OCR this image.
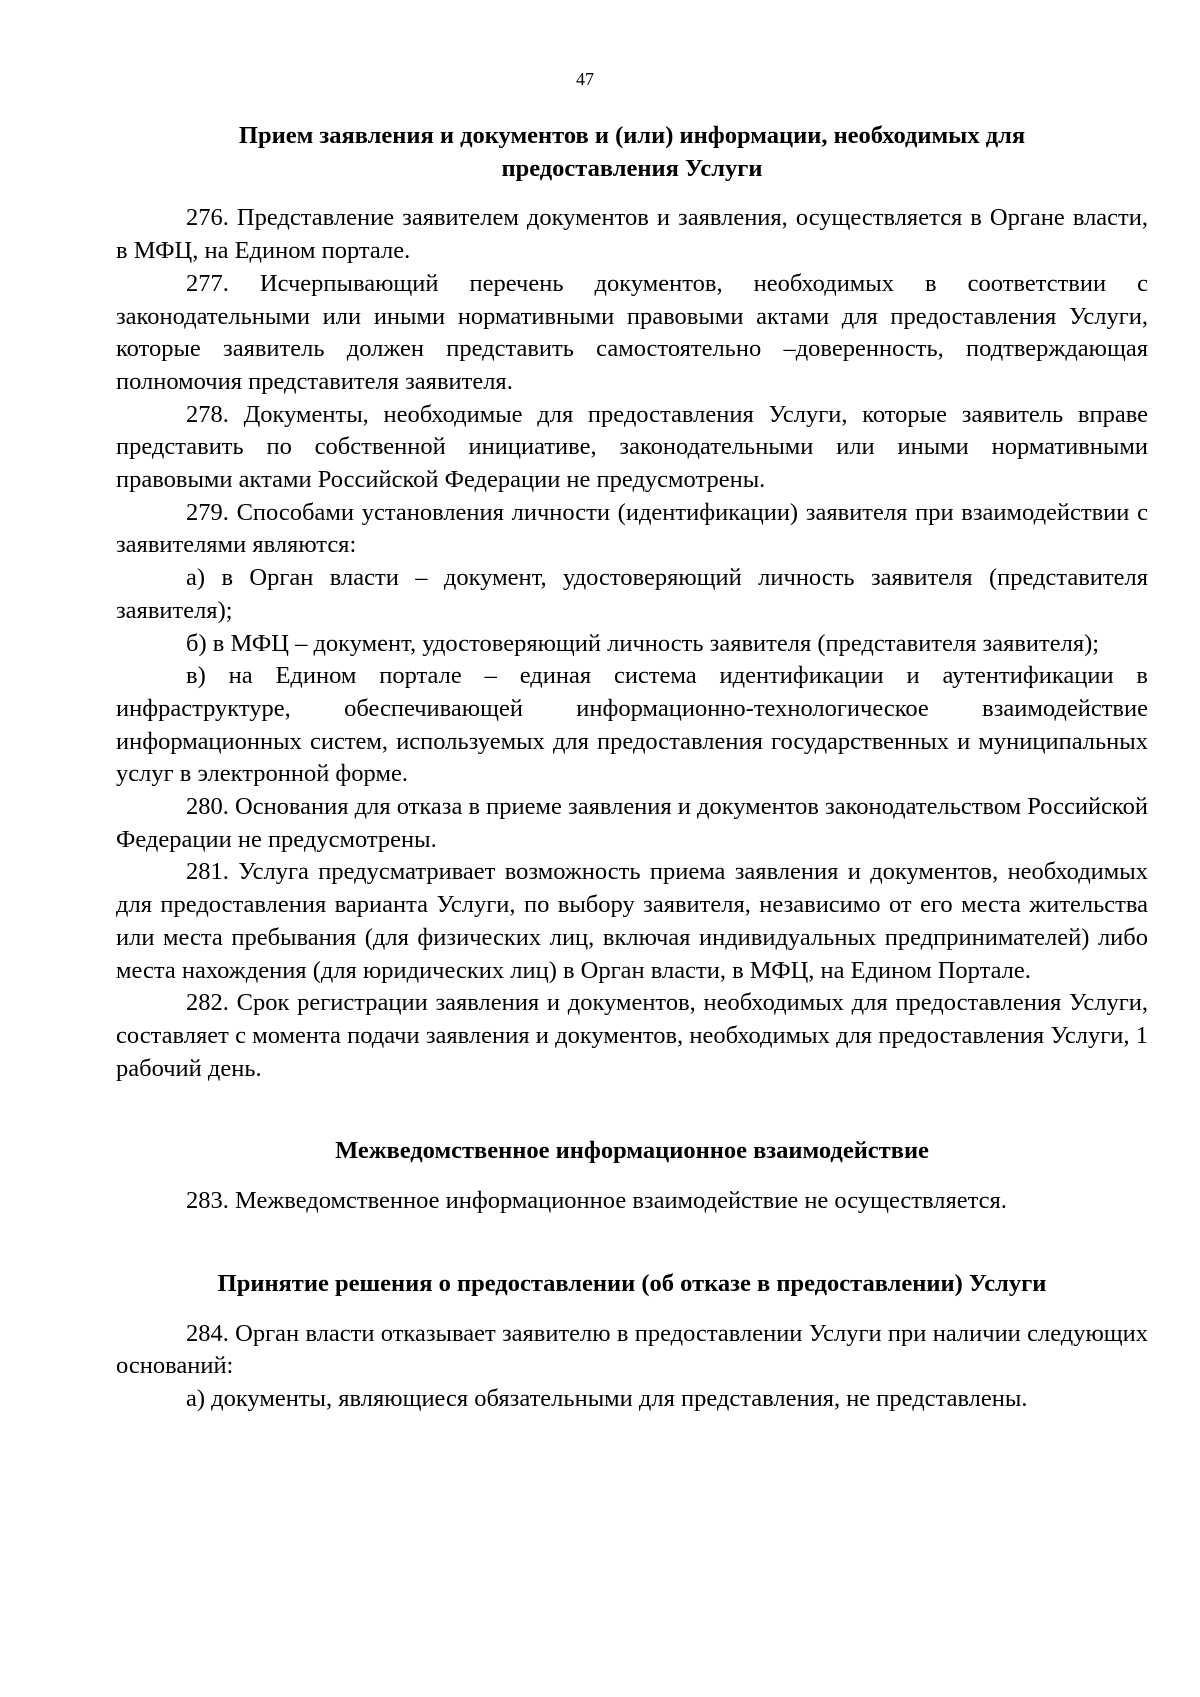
47
Прием заявления и документов и (или) информации, необходимых для
предоставления Услуги

276. Представление заявителем документов и заявления, осуществляется в Органе власти, в МФЦ, на Едином портале.

277. Исчерпывающий перечень документов, необходимых в соответствии с законодательными или иными нормативными правовыми актами для предоставления Услуги, которые заявитель должен представить самостоятельно –доверенность, подтверждающая полномочия представителя заявителя.

278. Документы, необходимые для предоставления Услуги, которые заявитель вправе представить по собственной инициативе, законодательными или иными нормативными правовыми актами Российской Федерации не предусмотрены.

279. Способами установления личности (идентификации) заявителя при взаимодействии с заявителями являются:

а) в Орган власти – документ, удостоверяющий личность заявителя (представителя заявителя);

б) в МФЦ – документ, удостоверяющий личность заявителя (представителя заявителя);

в) на Едином портале – единая система идентификации и аутентификации в инфраструктуре, обеспечивающей информационно-технологическое взаимодействие информационных систем, используемых для предоставления государственных и муниципальных услуг в электронной форме.

280. Основания для отказа в приеме заявления и документов законодательством Российской Федерации не предусмотрены.

281. Услуга предусматривает возможность приема заявления и документов, необходимых для предоставления варианта Услуги, по выбору заявителя, независимо от его места жительства или места пребывания (для физических лиц, включая индивидуальных предпринимателей) либо места нахождения (для юридических лиц) в Орган власти, в МФЦ, на Едином Портале.

282. Срок регистрации заявления и документов, необходимых для предоставления Услуги, составляет с момента подачи заявления и документов, необходимых для предоставления Услуги, 1 рабочий день.

Межведомственное информационное взаимодействие

283. Межведомственное информационное взаимодействие не осуществляется.

Принятие решения о предоставлении (об отказе в предоставлении) Услуги

284. Орган власти отказывает заявителю в предоставлении Услуги при наличии следующих оснований:

а) документы, являющиеся обязательными для представления, не представлены.
